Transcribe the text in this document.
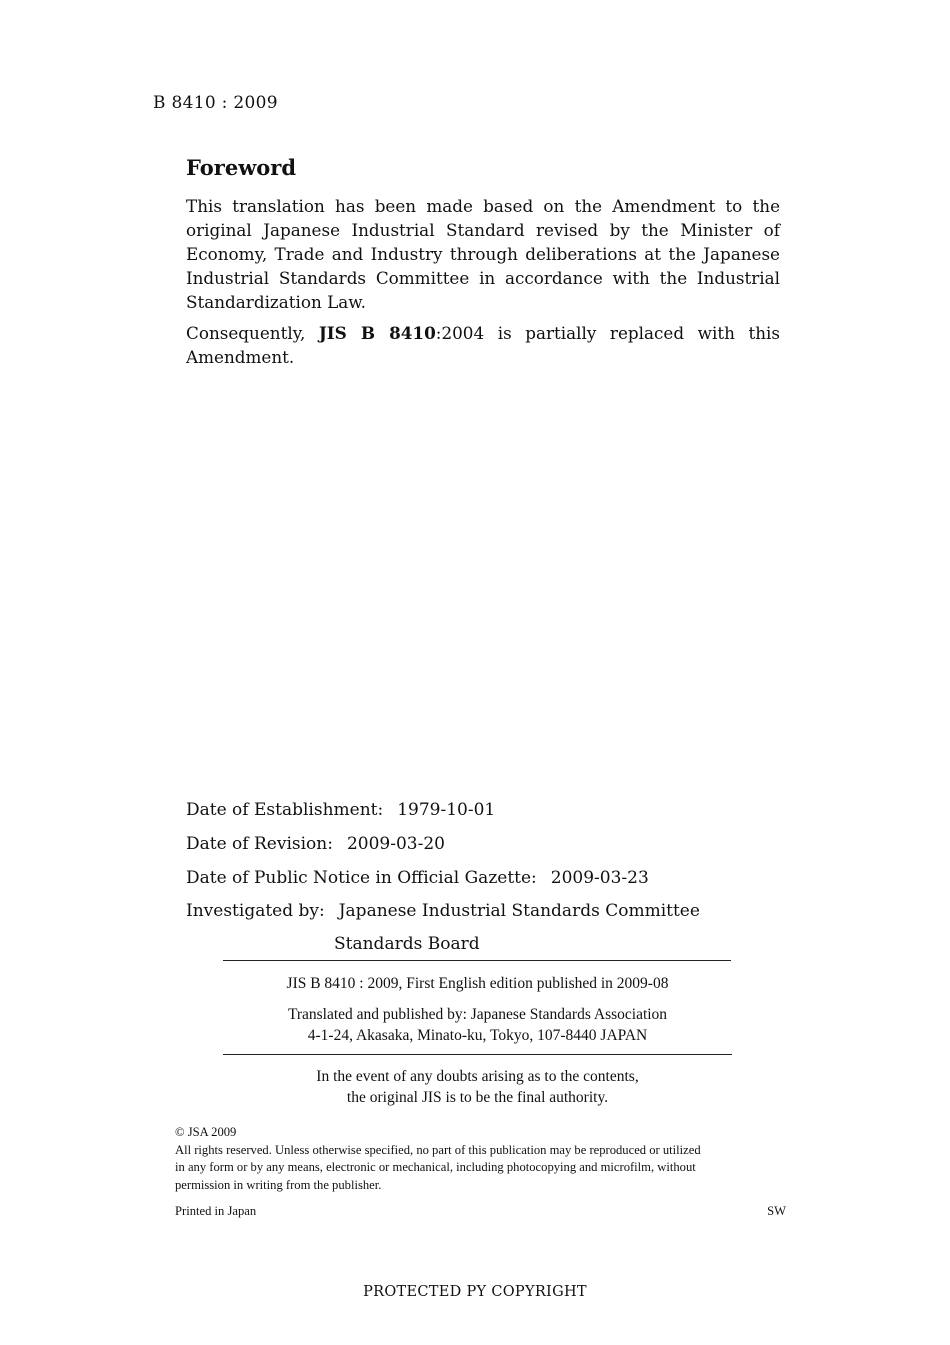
B 8410 : 2009
Foreword

This translation has been made based on the Amendment to the original Japanese Industrial Standard revised by the Minister of Economy, Trade and Industry through deliberations at the Japanese Industrial Standards Committee in accordance with the Industrial Standardization Law.

Consequently, JIS B 8410:2004 is partially replaced with this Amendment.

Date of Establishment: 1979-10-01
Date of Revision: 2009-03-20
Date of Public Notice in Official Gazette: 2009-03-23
Investigated by: Japanese Industrial Standards Committee
Standards Board
JIS B 8410 : 2009, First English edition published in 2009-08
Translated and published by: Japanese Standards Association
4-1-24, Akasaka, Minato-ku, Tokyo, 107-8440 JAPAN
In the event of any doubts arising as to the contents,
the original JIS is to be the final authority.
© JSA 2009
All rights reserved. Unless otherwise specified, no part of this publication may be reproduced or utilized
in any form or by any means, electronic or mechanical, including photocopying and microfilm, without
permission in writing from the publisher.
Printed in Japan	SW
PROTECTED PY COPYRIGHT
